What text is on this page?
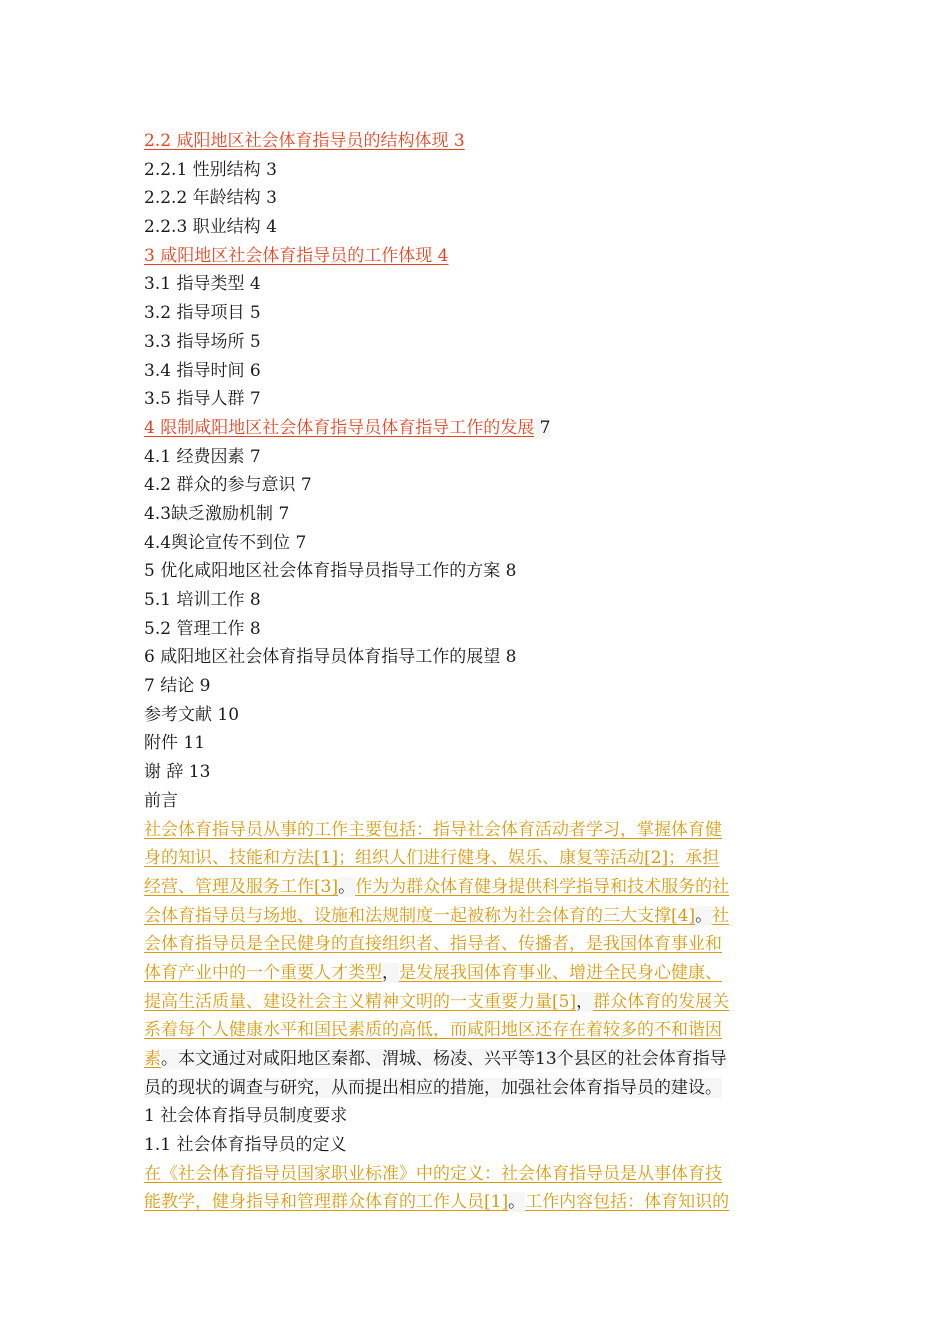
2.2 咸阳地区社会体育指导员的结构体现 3
2.2.1 性别结构 3
2.2.2 年龄结构 3
2.2.3 职业结构 4
3 咸阳地区社会体育指导员的工作体现 4
3.1 指导类型 4
3.2 指导项目 5
3.3 指导场所 5
3.4 指导时间 6
3.5 指导人群 7
4 限制咸阳地区社会体育指导员体育指导工作的发展 7
4.1 经费因素 7
4.2 群众的参与意识 7
4.3缺乏激励机制 7
4.4舆论宣传不到位 7
5 优化咸阳地区社会体育指导员指导工作的方案 8
5.1 培训工作 8
5.2 管理工作 8
6 咸阳地区社会体育指导员体育指导工作的展望 8
7 结论 9
参考文献 10
附件 11
谢 辞 13
前言
社会体育指导员从事的工作主要包括：指导社会体育活动者学习，掌握体育健
身的知识、技能和方法[1]；组织人们进行健身、娱乐、康复等活动[2]；承担
经营、管理及服务工作[3]。作为为群众体育健身提供科学指导和技术服务的社
会体育指导员与场地、设施和法规制度一起被称为社会体育的三大支撑[4]。社
会体育指导员是全民健身的直接组织者、指导者、传播者，是我国体育事业和
体育产业中的一个重要人才类型，是发展我国体育事业、增进全民身心健康、
提高生活质量、建设社会主义精神文明的一支重要力量[5]，群众体育的发展关
系着每个人健康水平和国民素质的高低，而咸阳地区还存在着较多的不和谐因
素。本文通过对咸阳地区秦都、渭城、杨凌、兴平等13个县区的社会体育指导
员的现状的调查与研究，从而提出相应的措施，加强社会体育指导员的建设。
1 社会体育指导员制度要求
1.1 社会体育指导员的定义
在《社会体育指导员国家职业标准》中的定义：社会体育指导员是从事体育技
能教学，健身指导和管理群众体育的工作人员[1]。工作内容包括：体育知识的
